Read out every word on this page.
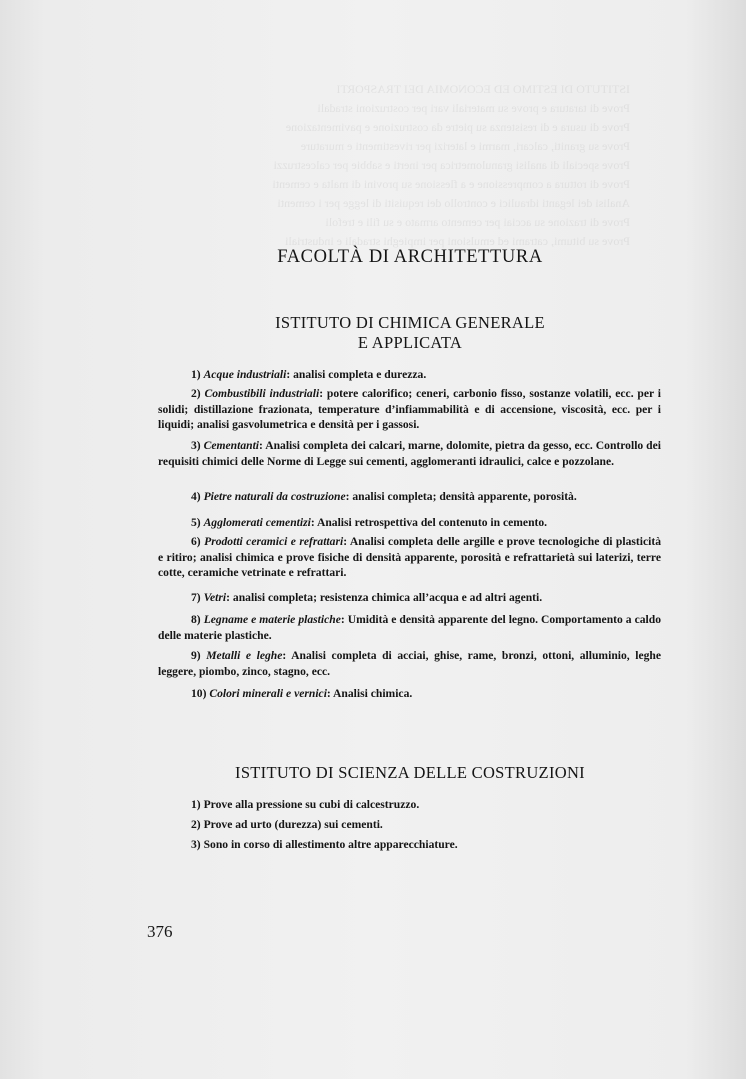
ISTITUTO DI ESTIMO ED ECONOMIA DEI TRASPORTI
Prove di taratura e prove su materiali vari per costruzioni stradali
Prove di usura e di resistenza su pietre da costruzione e pavimentazione
Prove su graniti, calcari, marmi e laterizi per rivestimenti e murature
Prove speciali di analisi granulometrica per inerti e sabbie per calcestruzzi
Prove di rottura a compressione e a flessione su provini di malta e cementi
Analisi dei leganti idraulici e controllo dei requisiti di legge per i cementi
Prove di trazione su acciai per cemento armato e su fili e trefoli
Prove su bitumi, catrami ed emulsioni per impieghi stradali e industriali
FACOLTÀ DI ARCHITETTURA
ISTITUTO DI CHIMICA GENERALE
E APPLICATA

1) Acque industriali: analisi completa e durezza.

2) Combustibili industriali: potere calorifico; ceneri, carbonio fisso, sostanze volatili, ecc. per i solidi; distillazione frazionata, temperature d’infiammabilità e di accensione, viscosità, ecc. per i liquidi; analisi gasvolumetrica e densità per i gassosi.

3) Cementanti: Analisi completa dei calcari, marne, dolomite, pietra da gesso, ecc. Controllo dei requisiti chimici delle Norme di Legge sui cementi, agglomeranti idraulici, calce e pozzolane.

4) Pietre naturali da costruzione: analisi completa; densità apparente, porosità.

5) Agglomerati cementizi: Analisi retrospettiva del contenuto in cemento.

6) Prodotti ceramici e refrattari: Analisi completa delle argille e prove tecnologiche di plasticità e ritiro; analisi chimica e prove fisiche di densità apparente, porosità e refrattarietà sui laterizi, terre cotte, ceramiche vetrinate e refrattari.

7) Vetri: analisi completa; resistenza chimica all’acqua e ad altri agenti.

8) Legname e materie plastiche: Umidità e densità apparente del legno. Comportamento a caldo delle materie plastiche.

9) Metalli e leghe: Analisi completa di acciai, ghise, rame, bronzi, ottoni, alluminio, leghe leggere, piombo, zinco, stagno, ecc.

10) Colori minerali e vernici: Analisi chimica.

ISTITUTO DI SCIENZA DELLE COSTRUZIONI

1) Prove alla pressione su cubi di calcestruzzo.

2) Prove ad urto (durezza) sui cementi.

3) Sono in corso di allestimento altre apparecchiature.

376
